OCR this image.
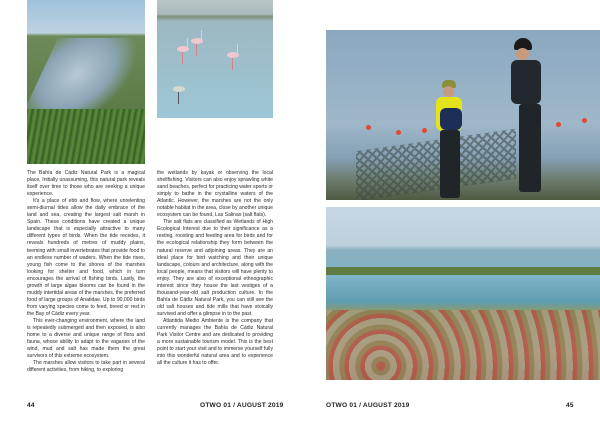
The Bahía de Cádiz Natural Park is a magical place. Initially unassuming, this natural park reveals itself over time to those who are seeking a unique experience.

It's a place of ebb and flow, where unrelenting semi-diurnal tides allow the daily embrace of the land and sea, creating the largest salt marsh in Spain. These conditions have created a unique landscape that is especially attractive to many different types of birds. When the tide recedes, it reveals hundreds of metres of muddy plains, teeming with small invertebrates that provide food to an endless number of waders. When the tide rises, young fish come to the shores of the marshes looking for shelter and food, which in turn encourages the arrival of fishing birds. Lastly, the growth of large algae blooms can be found in the muddy intertidal areas of the marshes, the preferred food of large groups of Anatidae. Up to 90,000 birds from varying species come to feed, breed or rest in the Bay of Cádiz every year.

This ever-changing environment, where the land is repeatedly submerged and then exposed, is also home to a diverse and unique range of flora and fauna, whose ability to adapt to the vagaries of the wind, mud and salt has made them the great survivors of this extreme ecosystem.

The marshes allow visitors to take part in several different activities, from hiking, to exploring

the wetlands by kayak or observing the local shellfishing. Visitors can also enjoy sprawling white sand beaches, perfect for practicing water sports or simply to bathe in the crystalline waters of the Atlantic. However, the marshes are not the only notable habitat in the area, close by another unique ecosystem can be found, Las Salinas (salt flats).

The salt flats are classified as Wetlands of High Ecological Interest due to their significance as a resting, roosting and feeding area for birds and for the ecological relationship they form between the natural reserve and adjoining areas. They are an ideal place for bird watching and their unique landscape, colours and architecture, along with the local people, means that visitors will have plenty to enjoy. They are also of exceptional ethnographic interest since they house the last vestiges of a thousand-year-old salt production culture. In the Bahía de Cádiz Natural Park, you can still see the old salt houses and tide mills that have stoically survived and offer a glimpse in to the past.

Atlantida Medio Ambiente is the company that currently manages the Bahía de Cádiz Natural Park Visitor Centre and are dedicated to providing a more sustainable tourism model. This is the best point to start your visit and to immerse yourself fully into this wonderful natural area and to experience all the culture it has to offer.

44	OTWO 01 / AUGUST 2019	OTWO 01 / AUGUST 2019	45
